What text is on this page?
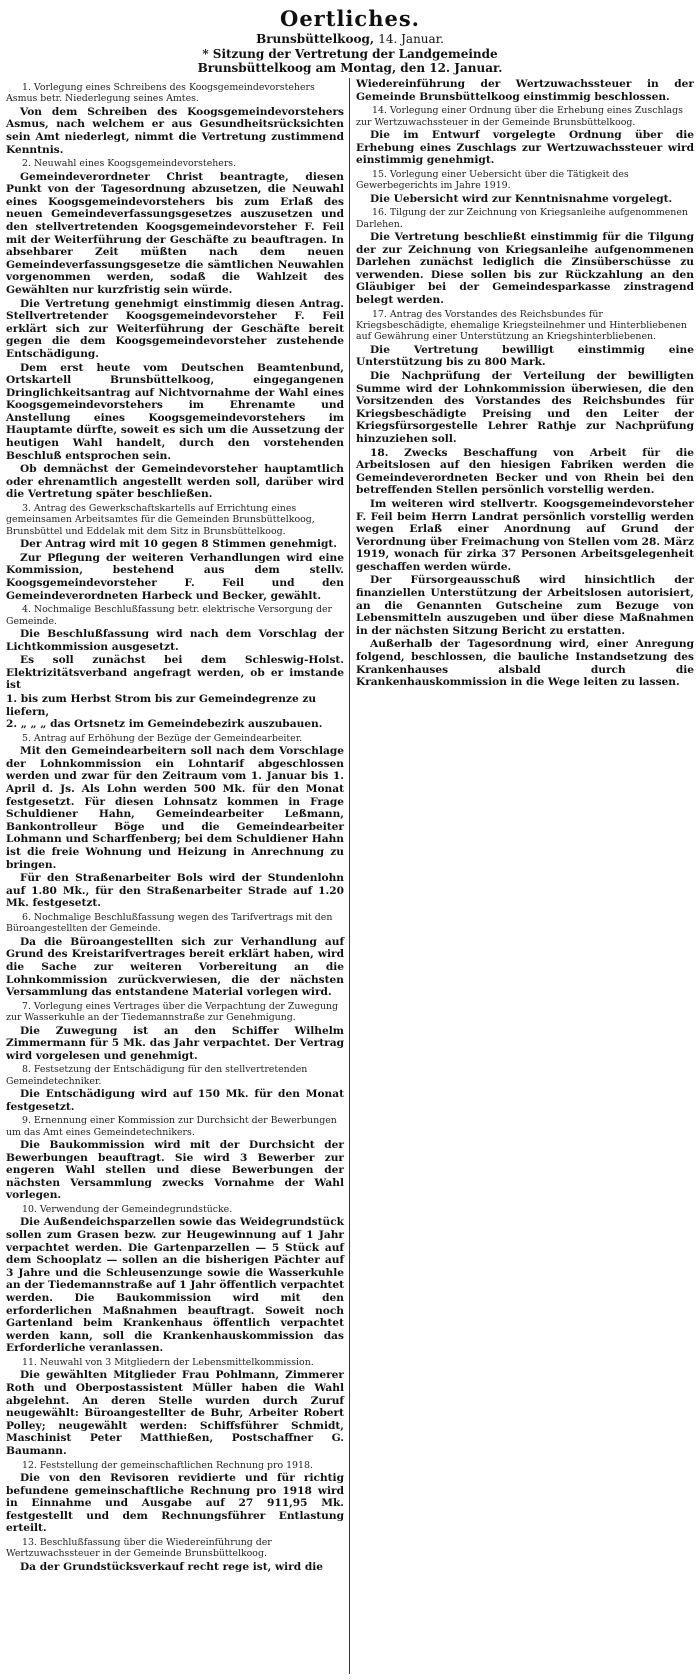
Oertliches.
Brunsbüttelkoog, 14. Januar.
* Sitzung der Vertretung der Landgemeinde
Brunsbüttelkoog am Montag, den 12. Januar.
1. Vorlegung eines Schreibens des Koogsgemeindevorstehers Asmus betr. Niederlegung seines Amtes.

Von dem Schreiben des Koogsgemeindevorstehers Asmus, nach welchem er aus Gesundheitsrücksichten sein Amt niederlegt, nimmt die Vertretung zustimmend Kenntnis.

2. Neuwahl eines Koogsgemeindevorstehers.

Gemeindeverordneter Christ beantragte, diesen Punkt von der Tagesordnung abzusetzen, die Neuwahl eines Koogsgemeindevorstehers bis zum Erlaß des neuen Gemeindeverfassungsgesetzes auszusetzen und den stellvertretenden Koogsgemeindevorsteher F. Feil mit der Weiterführung der Geschäfte zu beauftragen. In absehbarer Zeit müßten nach dem neuen Gemeindeverfassungsgesetze die sämtlichen Neuwahlen vorgenommen werden, sodaß die Wahlzeit des Gewählten nur kurzfristig sein würde.

Die Vertretung genehmigt einstimmig diesen Antrag. Stellvertretender Koogsgemeindevorsteher F. Feil erklärt sich zur Weiterführung der Geschäfte bereit gegen die dem Koogsgemeindevorsteher zustehende Entschädigung.

Dem erst heute vom Deutschen Beamtenbund, Ortskartell Brunsbüttelkoog, eingegangenen Dringlichkeitsantrag auf Nichtvornahme der Wahl eines Koogsgemeindevorstehers im Ehrenamte und Anstellung eines Koogsgemeindevorstehers im Hauptamte dürfte, soweit es sich um die Aussetzung der heutigen Wahl handelt, durch den vorstehenden Beschluß entsprochen sein.

Ob demnächst der Gemeindevorsteher hauptamtlich oder ehrenamtlich angestellt werden soll, darüber wird die Vertretung später beschließen.

3. Antrag des Gewerkschaftskartells auf Errichtung eines gemeinsamen Arbeitsamtes für die Gemeinden Brunsbüttelkoog, Brunsbüttel und Eddelak mit dem Sitz in Brunsbüttelkoog.

Der Antrag wird mit 10 gegen 8 Stimmen genehmigt.

Zur Pflegung der weiteren Verhandlungen wird eine Kommission, bestehend aus dem stellv. Koogsgemeindevorsteher F. Feil und den Gemeindeverordneten Harbeck und Becker, gewählt.

4. Nochmalige Beschlußfassung betr. elektrische Versorgung der Gemeinde.

Die Beschlußfassung wird nach dem Vorschlag der Lichtkommission ausgesetzt.

Es soll zunächst bei dem Schleswig-Holst. Elektrizitätsverband angefragt werden, ob er imstande ist

1. bis zum Herbst Strom bis zur Gemeindegrenze zu liefern,
2. „ „ „ das Ortsnetz im Gemeindebezirk auszubauen.
5. Antrag auf Erhöhung der Bezüge der Gemeindearbeiter.

Mit den Gemeindearbeitern soll nach dem Vorschlage der Lohnkommission ein Lohntarif abgeschlossen werden und zwar für den Zeitraum vom 1. Januar bis 1. April d. Js. Als Lohn werden 500 Mk. für den Monat festgesetzt. Für diesen Lohnsatz kommen in Frage Schuldiener Hahn, Gemeindearbeiter Leßmann, Bankontrolleur Böge und die Gemeindearbeiter Lohmann und Scharffenberg; bei dem Schuldiener Hahn ist die freie Wohnung und Heizung in Anrechnung zu bringen.

Für den Straßenarbeiter Bols wird der Stundenlohn auf 1.80 Mk., für den Straßenarbeiter Strade auf 1.20 Mk. festgesetzt.

6. Nochmalige Beschlußfassung wegen des Tarifvertrags mit den Büroangestellten der Gemeinde.

Da die Büroangestellten sich zur Verhandlung auf Grund des Kreistarifvertrages bereit erklärt haben, wird die Sache zur weiteren Vorbereitung an die Lohnkommission zurückverwiesen, die der nächsten Versammlung das entstandene Material vorlegen wird.

7. Vorlegung eines Vertrages über die Verpachtung der Zuwegung zur Wasserkuhle an der Tiedemannstraße zur Genehmigung.

Die Zuwegung ist an den Schiffer Wilhelm Zimmermann für 5 Mk. das Jahr verpachtet. Der Vertrag wird vorgelesen und genehmigt.

8. Festsetzung der Entschädigung für den stellvertretenden Gemeindetechniker.

Die Entschädigung wird auf 150 Mk. für den Monat festgesetzt.

9. Ernennung einer Kommission zur Durchsicht der Bewerbungen um das Amt eines Gemeindetechnikers.

Die Baukommission wird mit der Durchsicht der Bewerbungen beauftragt. Sie wird 3 Bewerber zur engeren Wahl stellen und diese Bewerbungen der nächsten Versammlung zwecks Vornahme der Wahl vorlegen.

10. Verwendung der Gemeindegrundstücke.

Die Außendeichsparzellen sowie das Weidegrundstück sollen zum Grasen bezw. zur Heugewinnung auf 1 Jahr verpachtet werden. Die Gartenparzellen — 5 Stück auf dem Schooplatz — sollen an die bisherigen Pächter auf 3 Jahre und die Schleusenzunge sowie die Wasserkuhle an der Tiedemannstraße auf 1 Jahr öffentlich verpachtet werden. Die Baukommission wird mit den erforderlichen Maßnahmen beauftragt. Soweit noch Gartenland beim Krankenhaus öffentlich verpachtet werden kann, soll die Krankenhauskommission das Erforderliche veranlassen.

11. Neuwahl von 3 Mitgliedern der Lebensmittelkommission.

Die gewählten Mitglieder Frau Pohlmann, Zimmerer Roth und Oberpostassistent Müller haben die Wahl abgelehnt. An deren Stelle wurden durch Zuruf neugewählt: Büroangestellter de Buhr, Arbeiter Robert Polley; neugewählt werden: Schiffsführer Schmidt, Maschinist Peter Matthießen, Postschaffner G. Baumann.

12. Feststellung der gemeinschaftlichen Rechnung pro 1918.

Die von den Revisoren revidierte und für richtig befundene gemeinschaftliche Rechnung pro 1918 wird in Einnahme und Ausgabe auf 27 911,95 Mk. festgestellt und dem Rechnungsführer Entlastung erteilt.

13. Beschlußfassung über die Wiedereinführung der Wertzuwachssteuer in der Gemeinde Brunsbüttelkoog.

Da der Grundstücksverkauf recht rege ist, wird die

Wiedereinführung der Wertzuwachssteuer in der Gemeinde Brunsbüttelkoog einstimmig beschlossen.

14. Vorlegung einer Ordnung über die Erhebung eines Zuschlags zur Wertzuwachssteuer in der Gemeinde Brunsbüttelkoog.

Die im Entwurf vorgelegte Ordnung über die Erhebung eines Zuschlags zur Wertzuwachssteuer wird einstimmig genehmigt.

15. Vorlegung einer Uebersicht über die Tätigkeit des Gewerbegerichts im Jahre 1919.

Die Uebersicht wird zur Kenntnisnahme vorgelegt.

16. Tilgung der zur Zeichnung von Kriegsanleihe aufgenommenen Darlehen.

Die Vertretung beschließt einstimmig für die Tilgung der zur Zeichnung von Kriegsanleihe aufgenommenen Darlehen zunächst lediglich die Zinsüberschüsse zu verwenden. Diese sollen bis zur Rückzahlung an den Gläubiger bei der Gemeindesparkasse zinstragend belegt werden.

17. Antrag des Vorstandes des Reichsbundes für Kriegsbeschädigte, ehemalige Kriegsteilnehmer und Hinterbliebenen auf Gewährung einer Unterstützung an Kriegshinterbliebenen.

Die Vertretung bewilligt einstimmig eine Unterstützung bis zu 800 Mark.

Die Nachprüfung der Verteilung der bewilligten Summe wird der Lohnkommission überwiesen, die den Vorsitzenden des Vorstandes des Reichsbundes für Kriegsbeschädigte Preising und den Leiter der Kriegsfürsorgestelle Lehrer Rathje zur Nachprüfung hinzuziehen soll.

18. Zwecks Beschaffung von Arbeit für die Arbeitslosen auf den hiesigen Fabriken werden die Gemeindeverordneten Becker und von Rhein bei den betreffenden Stellen persönlich vorstellig werden.

Im weiteren wird stellvertr. Koogsgemeindevorsteher F. Feil beim Herrn Landrat persönlich vorstellig werden wegen Erlaß einer Anordnung auf Grund der Verordnung über Freimachung von Stellen vom 28. März 1919, wonach für zirka 37 Personen Arbeitsgelegenheit geschaffen werden würde.

Der Fürsorgeausschuß wird hinsichtlich der finanziellen Unterstützung der Arbeitslosen autorisiert, an die Genannten Gutscheine zum Bezuge von Lebensmitteln auszugeben und über diese Maßnahmen in der nächsten Sitzung Bericht zu erstatten.

Außerhalb der Tagesordnung wird, einer Anregung folgend, beschlossen, die bauliche Instandsetzung des Krankenhauses alsbald durch die Krankenhauskommission in die Wege leiten zu lassen.
